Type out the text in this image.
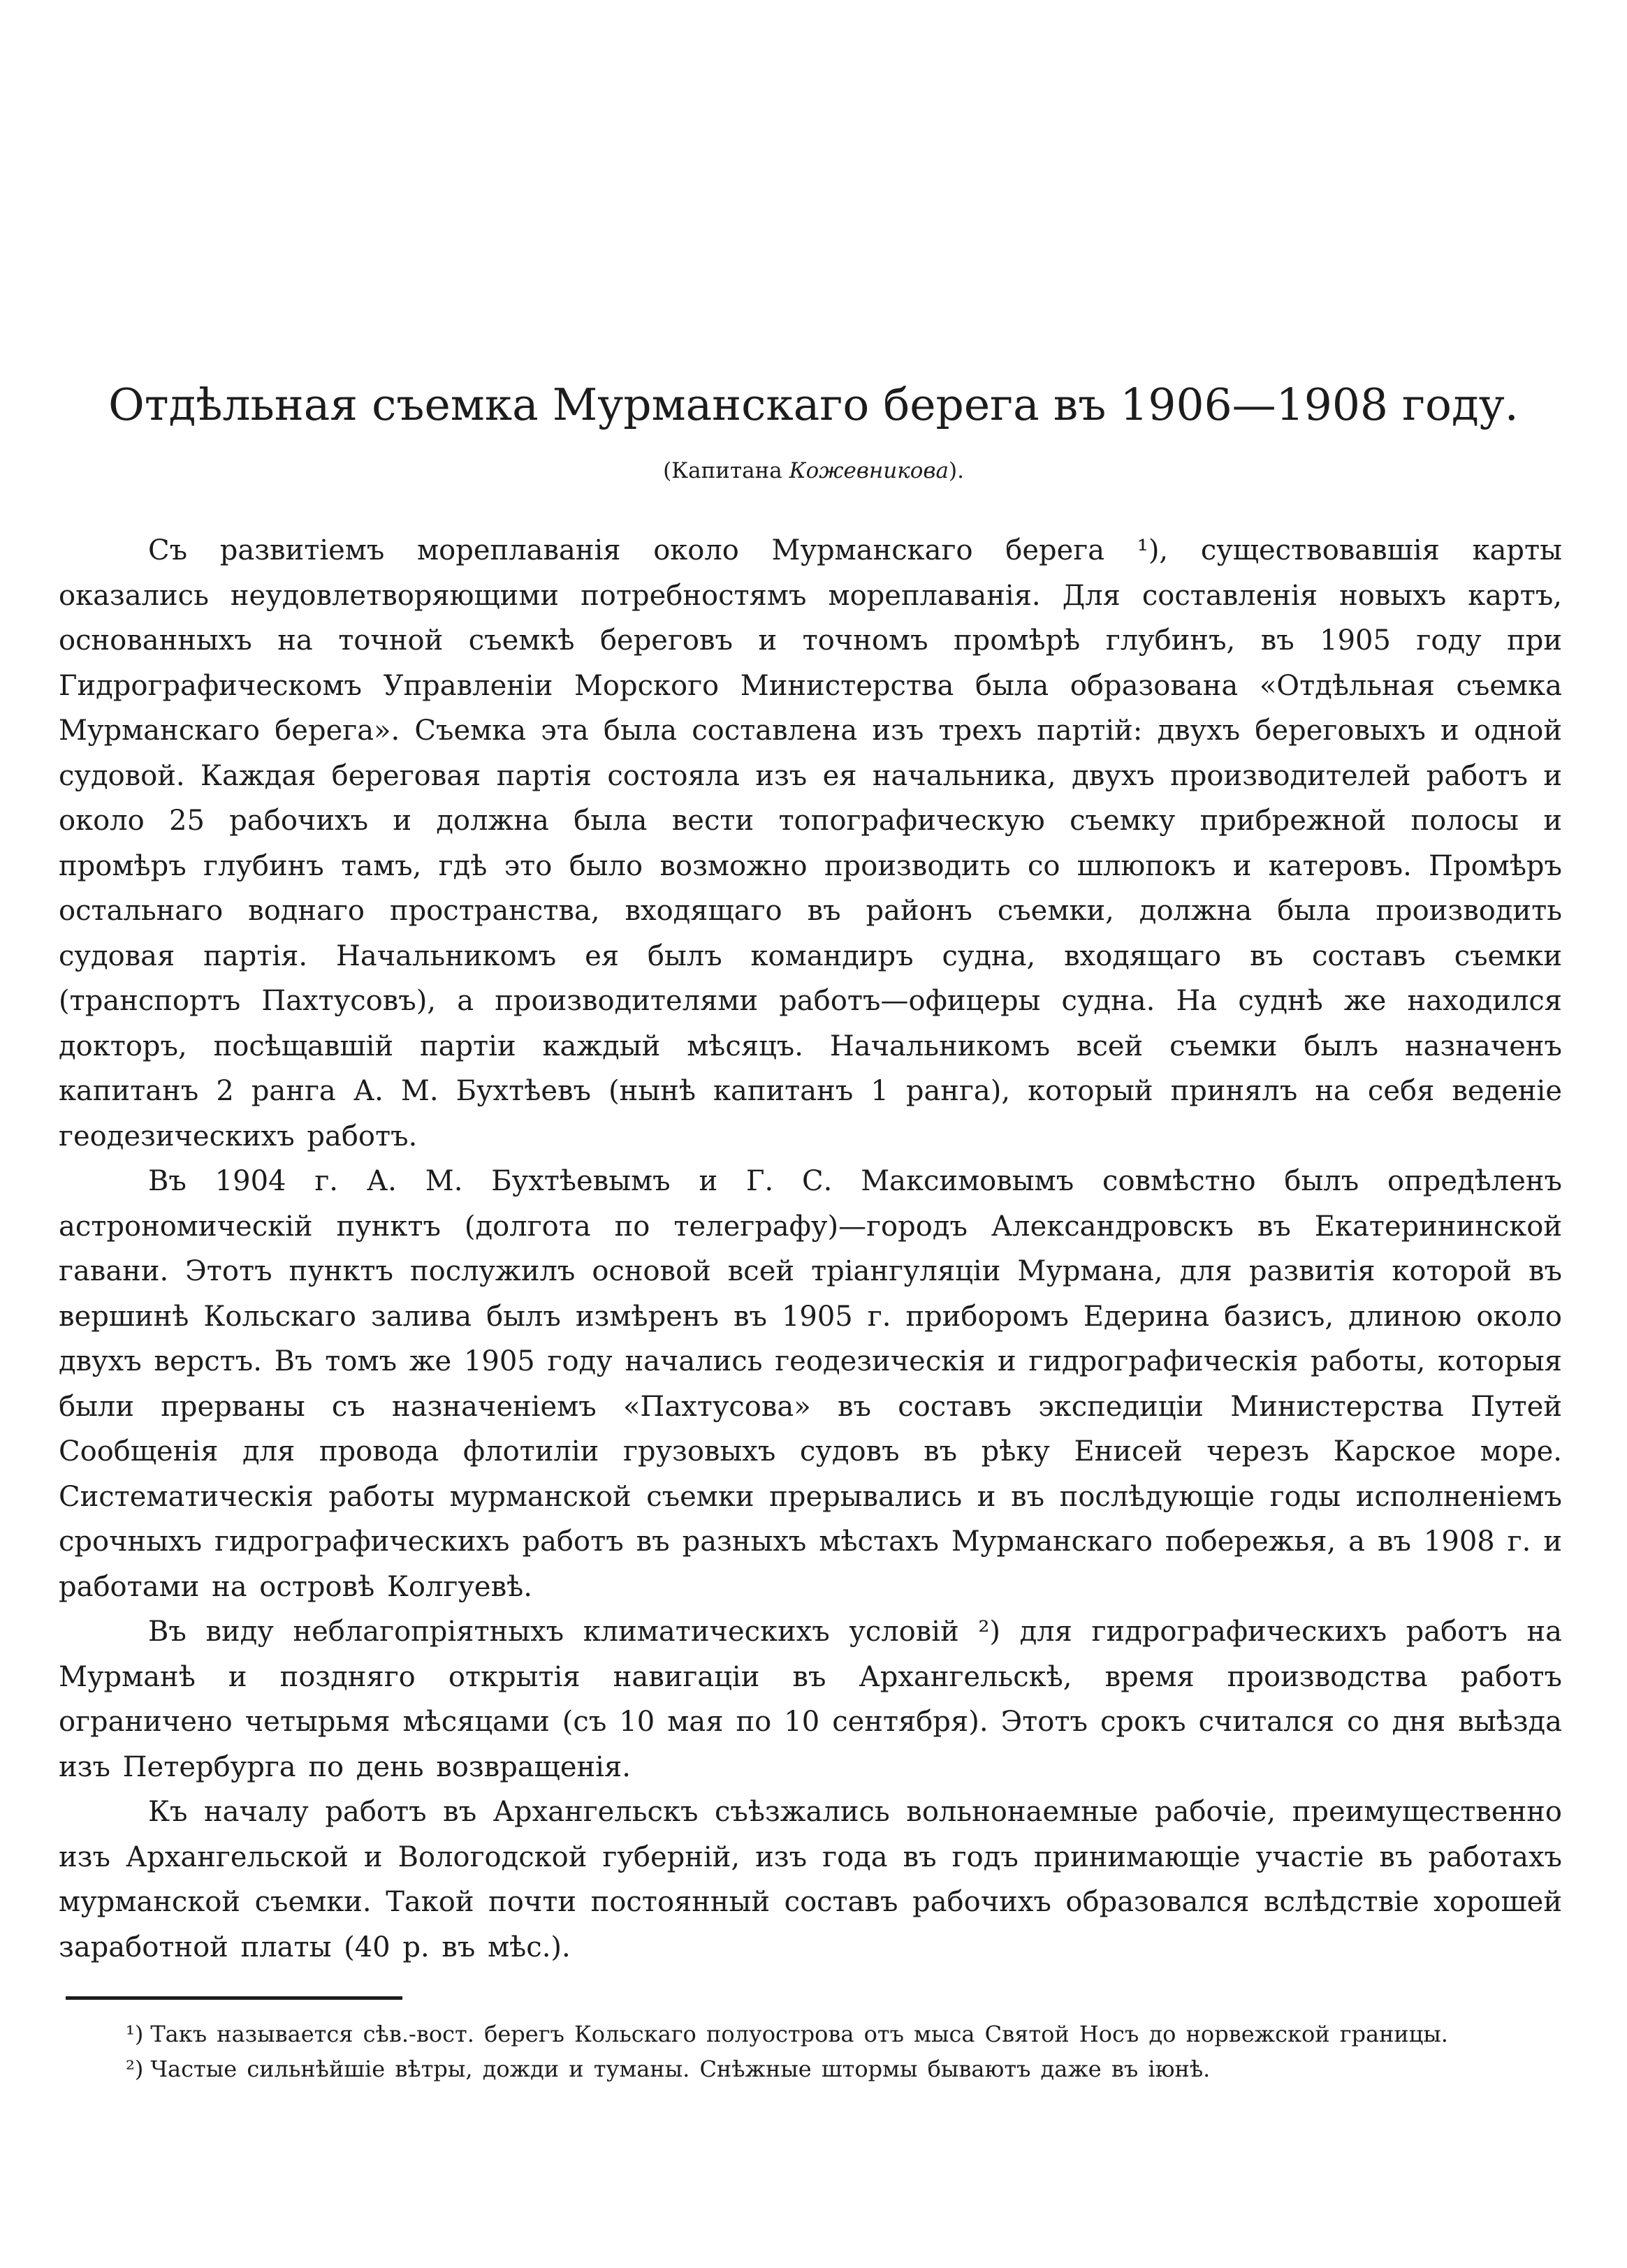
Отдѣльная съемка Мурманскаго берега въ 1906—1908 году.
(Капитана Кожевникова).

Съ развитіемъ мореплаванія около Мурманскаго берега ¹), существовавшія карты оказались неудовлетворяющими потребностямъ мореплаванія. Для составленія новыхъ картъ, основанныхъ на точной съемкѣ береговъ и точномъ промѣрѣ глубинъ, въ 1905 году при Гидрографическомъ Управленіи Морского Министерства была образована «Отдѣльная съемка Мурманскаго берега». Съемка эта была составлена изъ трехъ партій: двухъ береговыхъ и одной судовой. Каждая береговая партія состояла изъ ея начальника, двухъ производителей работъ и около 25 рабочихъ и должна была вести топографическую съемку прибрежной полосы и промѣръ глубинъ тамъ, гдѣ это было возможно производить со шлюпокъ и катеровъ. Промѣръ остальнаго воднаго пространства, входящаго въ районъ съемки, должна была производить судовая партія. Начальникомъ ея былъ командиръ судна, входящаго въ составъ съемки (транспортъ Пахтусовъ), а производителями работъ—офицеры судна. На суднѣ же находился докторъ, посѣщавшій партіи каждый мѣсяцъ. Начальникомъ всей съемки былъ назначенъ капитанъ 2 ранга А. М. Бухтѣевъ (нынѣ капитанъ 1 ранга), который принялъ на себя веденіе геодезическихъ работъ.

Въ 1904 г. А. М. Бухтѣевымъ и Г. С. Максимовымъ совмѣстно былъ опредѣленъ астрономическій пунктъ (долгота по телеграфу)—городъ Александровскъ въ Екатерининской гавани. Этотъ пунктъ послужилъ основой всей тріангуляціи Мурмана, для развитія которой въ вершинѣ Кольскаго залива былъ измѣренъ въ 1905 г. приборомъ Едерина базисъ, длиною около двухъ верстъ. Въ томъ же 1905 году начались геодезическія и гидрографическія работы, которыя были прерваны съ назначеніемъ «Пахтусова» въ составъ экспедиціи Министерства Путей Сообщенія для провода флотиліи грузовыхъ судовъ въ рѣку Енисей черезъ Карское море. Систематическія работы мурманской съемки прерывались и въ послѣдующіе годы исполненіемъ срочныхъ гидрографическихъ работъ въ разныхъ мѣстахъ Мурманскаго побережья, а въ 1908 г. и работами на островѣ Колгуевѣ.

Въ виду неблагопріятныхъ климатическихъ условій ²) для гидрографическихъ работъ на Мурманѣ и поздняго открытія навигаціи въ Архангельскѣ, время производства работъ ограничено четырьмя мѣсяцами (съ 10 мая по 10 сентября). Этотъ срокъ считался со дня выѣзда изъ Петербурга по день возвращенія.

Къ началу работъ въ Архангельскъ съѣзжались вольнонаемные рабочіе, преимущественно изъ Архангельской и Вологодской губерній, изъ года въ годъ принимающіе участіе въ работахъ мурманской съемки. Такой почти постоянный составъ рабочихъ образовался вслѣдствіе хорошей заработной платы (40 р. въ мѣс.).

¹) Такъ называется сѣв.-вост. берегъ Кольскаго полуострова отъ мыса Святой Носъ до норвежской границы.

²) Частые сильнѣйшіе вѣтры, дожди и туманы. Снѣжные штормы бываютъ даже въ іюнѣ.
